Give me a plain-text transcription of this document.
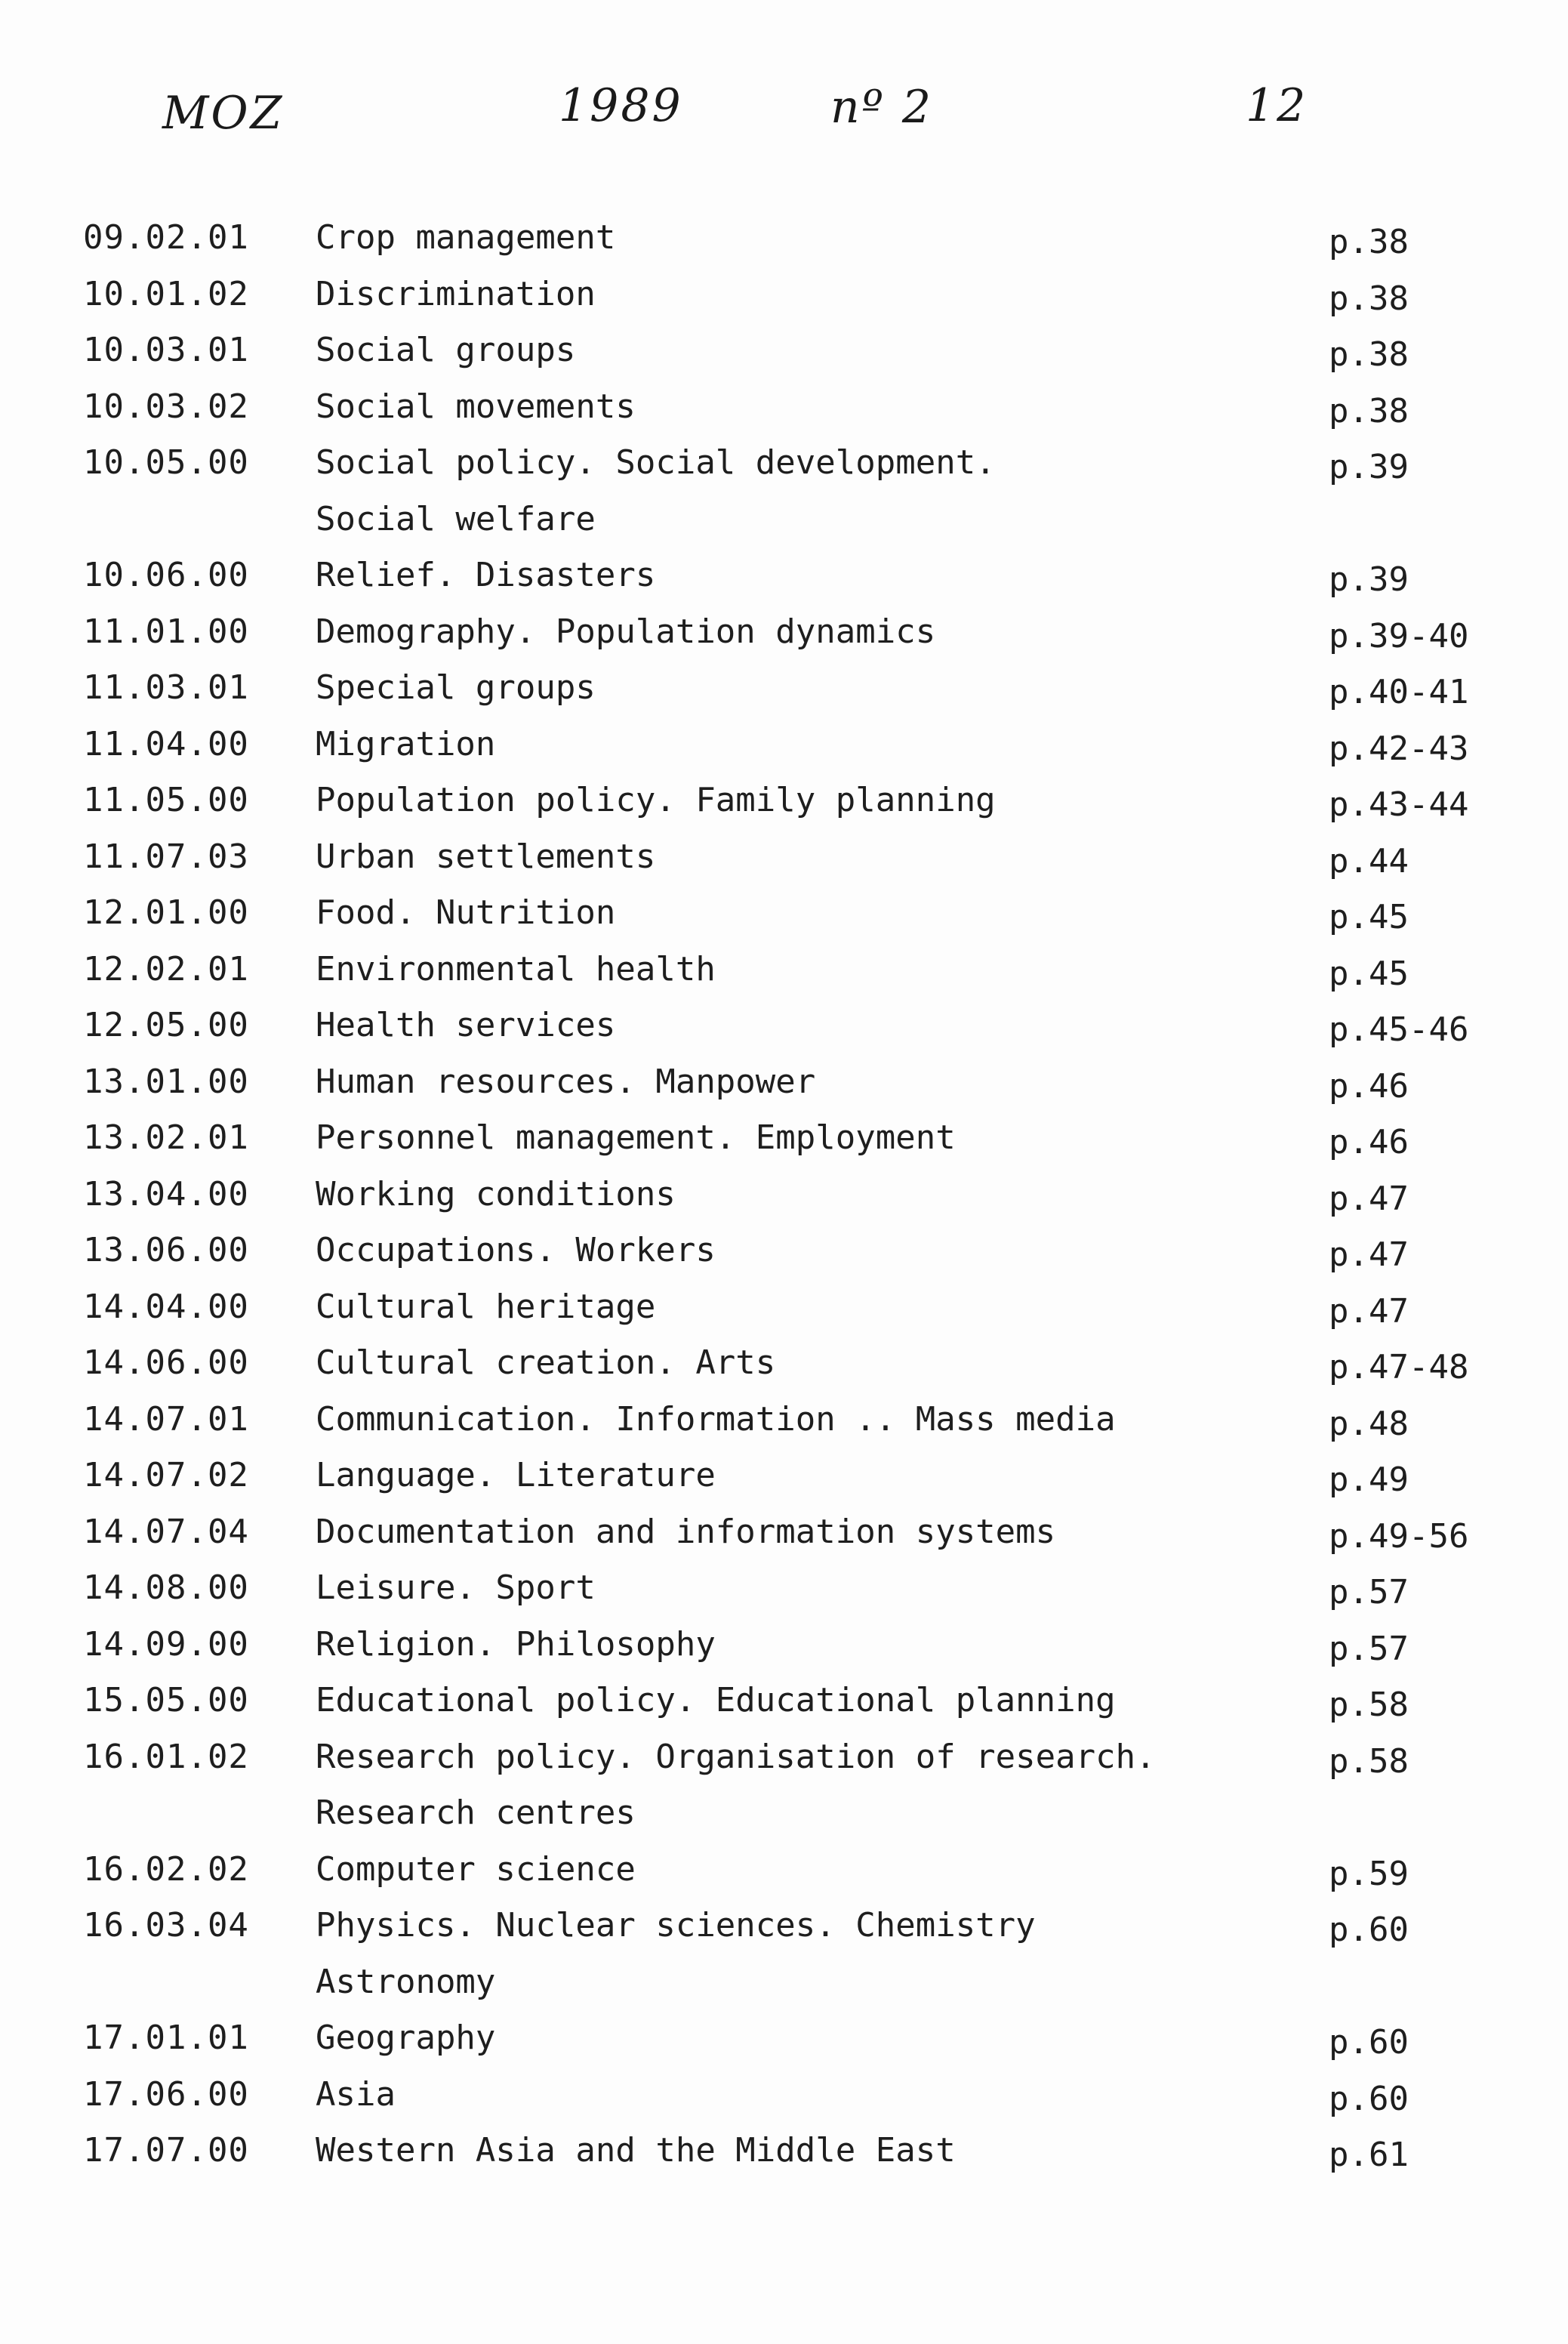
MOZ	1989	nº 2	12
09.02.01 Crop management	p.38
10.01.02 Discrimination	p.38
10.03.01 Social groups	p.38
10.03.02 Social movements	p.38
10.05.00 Social policy. Social development.	p.39
Social welfare
10.06.00 Relief. Disasters	p.39
11.01.00 Demography. Population dynamics	p.39-40
11.03.01 Special groups	p.40-41
11.04.00 Migration	p.42-43
11.05.00 Population policy. Family planning	p.43-44
11.07.03 Urban settlements	p.44
12.01.00 Food. Nutrition	p.45
12.02.01 Environmental health	p.45
12.05.00 Health services	p.45-46
13.01.00 Human resources. Manpower	p.46
13.02.01 Personnel management. Employment	p.46
13.04.00 Working conditions	p.47
13.06.00 Occupations. Workers	p.47
14.04.00 Cultural heritage	p.47
14.06.00 Cultural creation. Arts	p.47-48
14.07.01 Communication. Information .. Mass media	p.48
14.07.02 Language. Literature	p.49
14.07.04 Documentation and information systems	p.49-56
14.08.00 Leisure. Sport	p.57
14.09.00 Religion. Philosophy	p.57
15.05.00 Educational policy. Educational planning	p.58
16.01.02 Research policy. Organisation of research.	p.58
Research centres
16.02.02 Computer science	p.59
16.03.04 Physics. Nuclear sciences. Chemistry	p.60
Astronomy
17.01.01 Geography	p.60
17.06.00 Asia	p.60
17.07.00 Western Asia and the Middle East	p.61
